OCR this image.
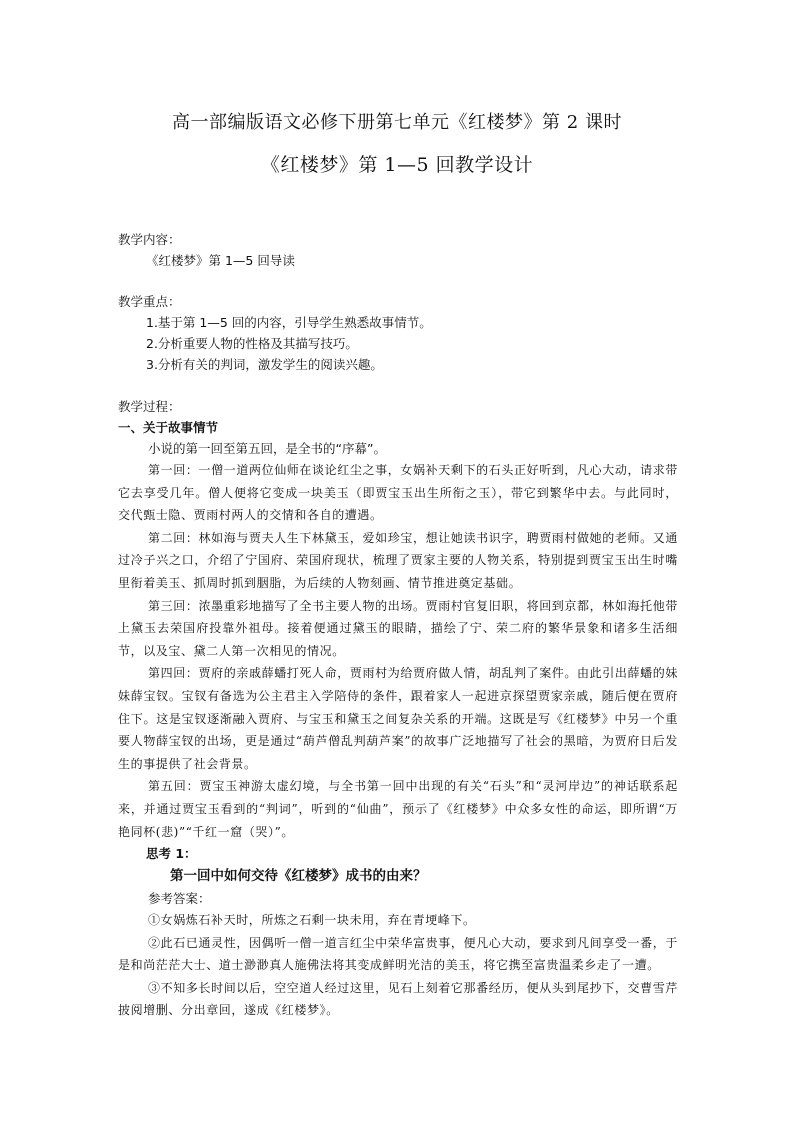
高一部编版语文必修下册第七单元《红楼梦》第 2 课时
《红楼梦》第 1—5 回教学设计

教学内容：

《红楼梦》第 1—5 回导读

教学重点：

1.基于第 1—5 回的内容，引导学生熟悉故事情节。

2.分析重要人物的性格及其描写技巧。

3.分析有关的判词，激发学生的阅读兴趣。

教学过程：

一、关于故事情节

小说的第一回至第五回，是全书的“序幕”。

第一回：一僧一道两位仙师在谈论红尘之事，女娲补天剩下的石头正好听到，凡心大动，请求带它去享受几年。僧人便将它变成一块美玉（即贾宝玉出生所衔之玉），带它到繁华中去。与此同时，交代甄士隐、贾雨村两人的交情和各自的遭遇。

第二回：林如海与贾夫人生下林黛玉，爱如珍宝，想让她读书识字，聘贾雨村做她的老师。又通过冷子兴之口，介绍了宁国府、荣国府现状，梳理了贾家主要的人物关系，特别提到贾宝玉出生时嘴里衔着美玉、抓周时抓到胭脂，为后续的人物刻画、情节推进奠定基础。

第三回：浓墨重彩地描写了全书主要人物的出场。贾雨村官复旧职，将回到京都，林如海托他带上黛玉去荣国府投靠外祖母。接着便通过黛玉的眼睛，描绘了宁、荣二府的繁华景象和诸多生活细节，以及宝、黛二人第一次相见的情况。

第四回：贾府的亲戚薛蟠打死人命，贾雨村为给贾府做人情，胡乱判了案件。由此引出薛蟠的妹妹薛宝钗。宝钗有备选为公主君主入学陪侍的条件，跟着家人一起进京探望贾家亲戚，随后便在贾府住下。这是宝钗逐渐融入贾府、与宝玉和黛玉之间复杂关系的开端。这既是写《红楼梦》中另一个重要人物薛宝钗的出场，更是通过“葫芦僧乱判葫芦案”的故事广泛地描写了社会的黑暗，为贾府日后发生的事提供了社会背景。

第五回：贾宝玉神游太虚幻境，与全书第一回中出现的有关“石头”和“灵河岸边”的神话联系起来，并通过贾宝玉看到的“判词”，听到的“仙曲”，预示了《红楼梦》中众多女性的命运，即所谓“万艳同杯(悲)”“千红一窟（哭）”。

思考 1：

第一回中如何交待《红楼梦》成书的由来？

参考答案：

①女娲炼石补天时，所炼之石剩一块未用，弃在青埂峰下。

②此石已通灵性，因偶听一僧一道言红尘中荣华富贵事，便凡心大动，要求到凡间享受一番，于是和尚茫茫大士、道士渺渺真人施佛法将其变成鲜明光洁的美玉，将它携至富贵温柔乡走了一遭。

③不知多长时间以后，空空道人经过这里，见石上刻着它那番经历，便从头到尾抄下，交曹雪芹披阅增删、分出章回，遂成《红楼梦》。
